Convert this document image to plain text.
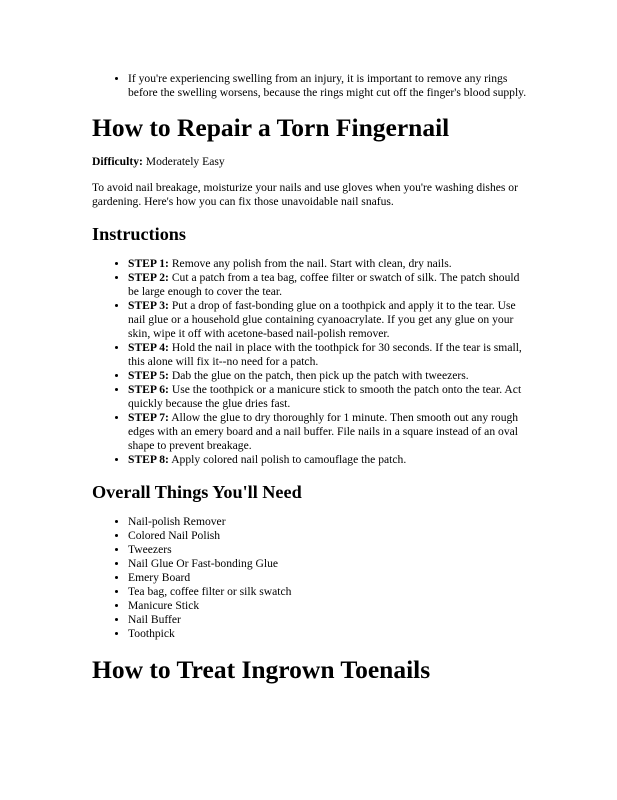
• If you're experiencing swelling from an injury, it is important to remove any rings before the swelling worsens, because the rings might cut off the finger's blood supply.
How to Repair a Torn Fingernail

Difficulty: Moderately Easy

To avoid nail breakage, moisturize your nails and use gloves when you're washing dishes or gardening. Here's how you can fix those unavoidable nail snafus.

Instructions
• STEP 1: Remove any polish from the nail. Start with clean, dry nails.
• STEP 2: Cut a patch from a tea bag, coffee filter or swatch of silk. The patch should be large enough to cover the tear.
• STEP 3: Put a drop of fast-bonding glue on a toothpick and apply it to the tear. Use nail glue or a household glue containing cyanoacrylate. If you get any glue on your skin, wipe it off with acetone-based nail-polish remover.
• STEP 4: Hold the nail in place with the toothpick for 30 seconds. If the tear is small, this alone will fix it--no need for a patch.
• STEP 5: Dab the glue on the patch, then pick up the patch with tweezers.
• STEP 6: Use the toothpick or a manicure stick to smooth the patch onto the tear. Act quickly because the glue dries fast.
• STEP 7: Allow the glue to dry thoroughly for 1 minute. Then smooth out any rough edges with an emery board and a nail buffer. File nails in a square instead of an oval shape to prevent breakage.
• STEP 8: Apply colored nail polish to camouflage the patch.
Overall Things You'll Need
• Nail-polish Remover
• Colored Nail Polish
• Tweezers
• Nail Glue Or Fast-bonding Glue
• Emery Board
• Tea bag, coffee filter or silk swatch
• Manicure Stick
• Nail Buffer
• Toothpick
How to Treat Ingrown Toenails
